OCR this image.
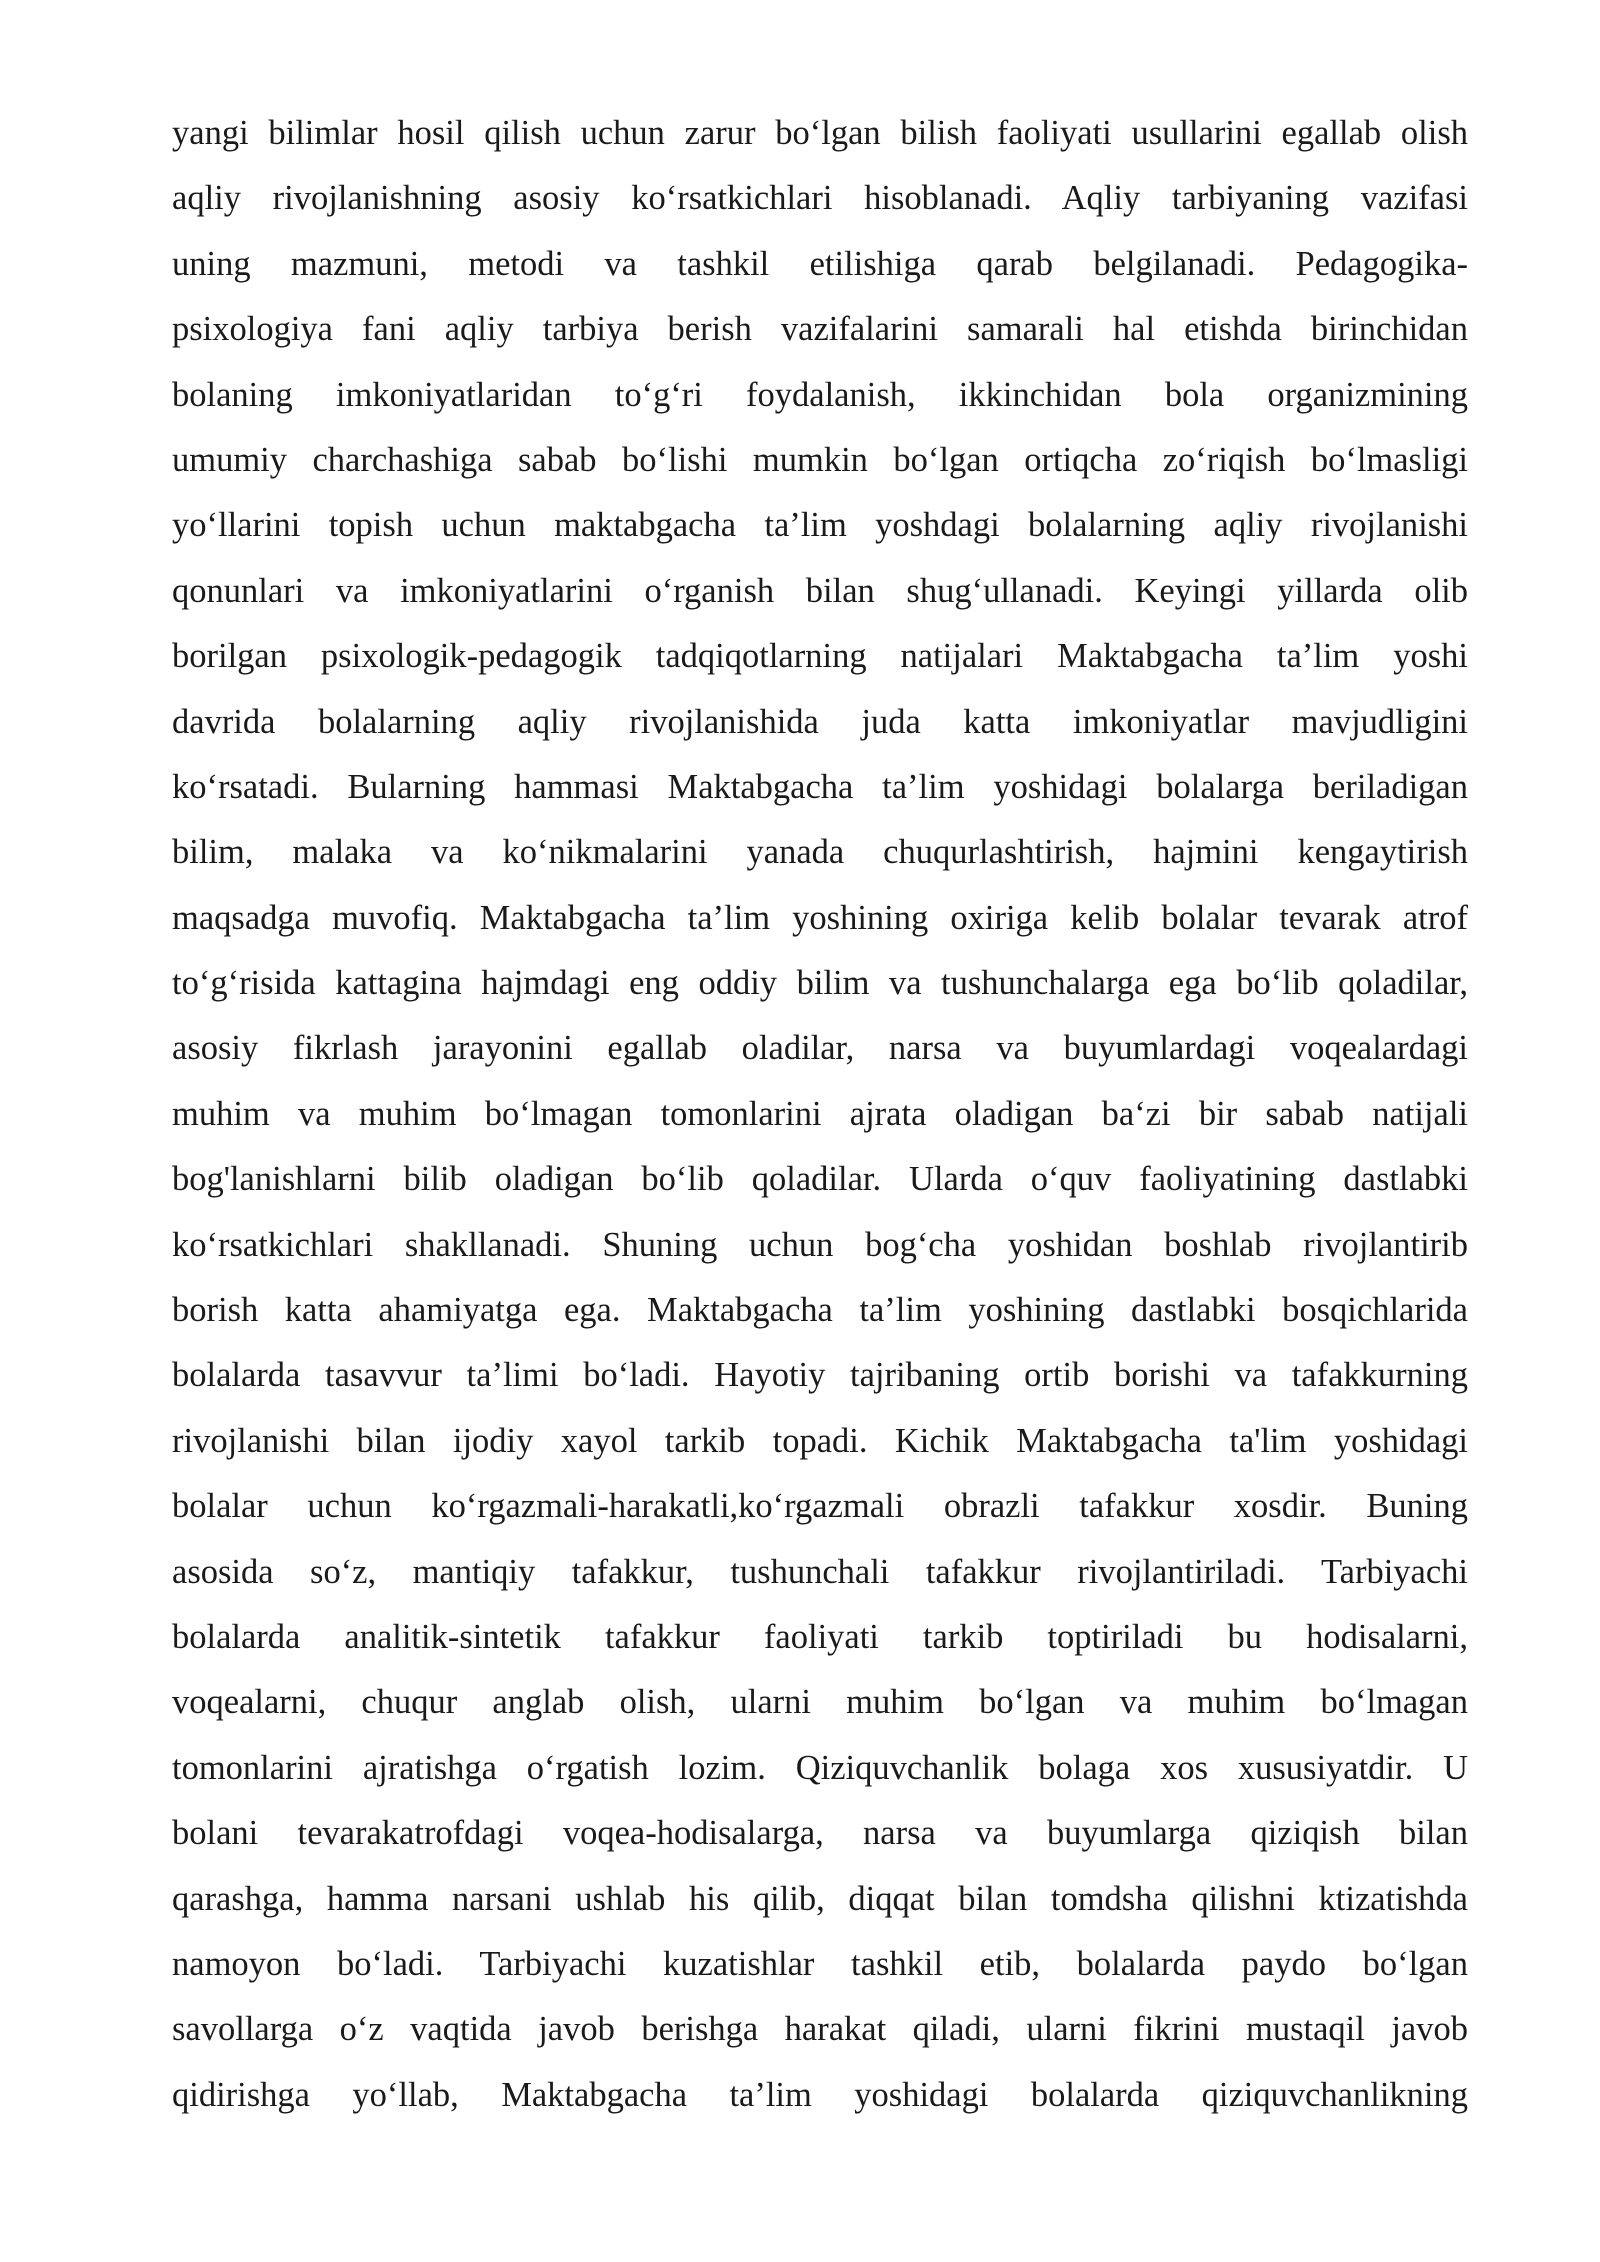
yangi bilimlar hosil qilish uchun zarur bo‘lgan bilish faoliyati usullarini egallab olish
aqliy rivojlanishning asosiy ko‘rsatkichlari hisoblanadi. Aqliy tarbiyaning vazifasi
uning mazmuni, metodi va tashkil etilishiga qarab belgilanadi. Pedagogika-
psixologiya fani aqliy tarbiya berish vazifalarini samarali hal etishda birinchidan
bolaning imkoniyatlaridan to‘g‘ri foydalanish, ikkinchidan bola organizmining
umumiy charchashiga sabab bo‘lishi mumkin bo‘lgan ortiqcha zo‘riqish bo‘lmasligi
yo‘llarini topish uchun maktabgacha ta’lim yoshdagi bolalarning aqliy rivojlanishi
qonunlari va imkoniyatlarini o‘rganish bilan shug‘ullanadi. Keyingi yillarda olib
borilgan psixologik-pedagogik tadqiqotlarning natijalari Maktabgacha ta’lim yoshi
davrida bolalarning aqliy rivojlanishida juda katta imkoniyatlar mavjudligini
ko‘rsatadi. Bularning hammasi Maktabgacha ta’lim yoshidagi bolalarga beriladigan
bilim, malaka va ko‘nikmalarini yanada chuqurlashtirish, hajmini kengaytirish
maqsadga muvofiq. Maktabgacha ta’lim yoshining oxiriga kelib bolalar tevarak atrof
to‘g‘risida kattagina hajmdagi eng oddiy bilim va tushunchalarga ega bo‘lib qoladilar,
asosiy fikrlash jarayonini egallab oladilar, narsa va buyumlardagi voqealardagi
muhim va muhim bo‘lmagan tomonlarini ajrata oladigan ba‘zi bir sabab natijali
bog'lanishlarni bilib oladigan bo‘lib qoladilar. Ularda o‘quv faoliyatining dastlabki
ko‘rsatkichlari shakllanadi. Shuning uchun bog‘cha yoshidan boshlab rivojlantirib
borish katta ahamiyatga ega. Maktabgacha ta’lim yoshining dastlabki bosqichlarida
bolalarda tasavvur ta’limi bo‘ladi. Hayotiy tajribaning ortib borishi va tafakkurning
rivojlanishi bilan ijodiy xayol tarkib topadi. Kichik Maktabgacha ta'lim yoshidagi
bolalar uchun ko‘rgazmali-harakatli,ko‘rgazmali obrazli tafakkur xosdir. Buning
asosida so‘z, mantiqiy tafakkur, tushunchali tafakkur rivojlantiriladi. Tarbiyachi
bolalarda analitik-sintetik tafakkur faoliyati tarkib toptiriladi bu hodisalarni,
voqealarni, chuqur anglab olish, ularni muhim bo‘lgan va muhim bo‘lmagan
tomonlarini ajratishga o‘rgatish lozim. Qiziquvchanlik bolaga xos xususiyatdir. U
bolani tevarakatrofdagi voqea-hodisalarga, narsa va buyumlarga qiziqish bilan
qarashga, hamma narsani ushlab his qilib, diqqat bilan tomdsha qilishni ktizatishda
namoyon bo‘ladi. Tarbiyachi kuzatishlar tashkil etib, bolalarda paydo bo‘lgan
savollarga o‘z vaqtida javob berishga harakat qiladi, ularni fikrini mustaqil javob
qidirishga yo‘llab, Maktabgacha ta’lim yoshidagi bolalarda qiziquvchanlikning
